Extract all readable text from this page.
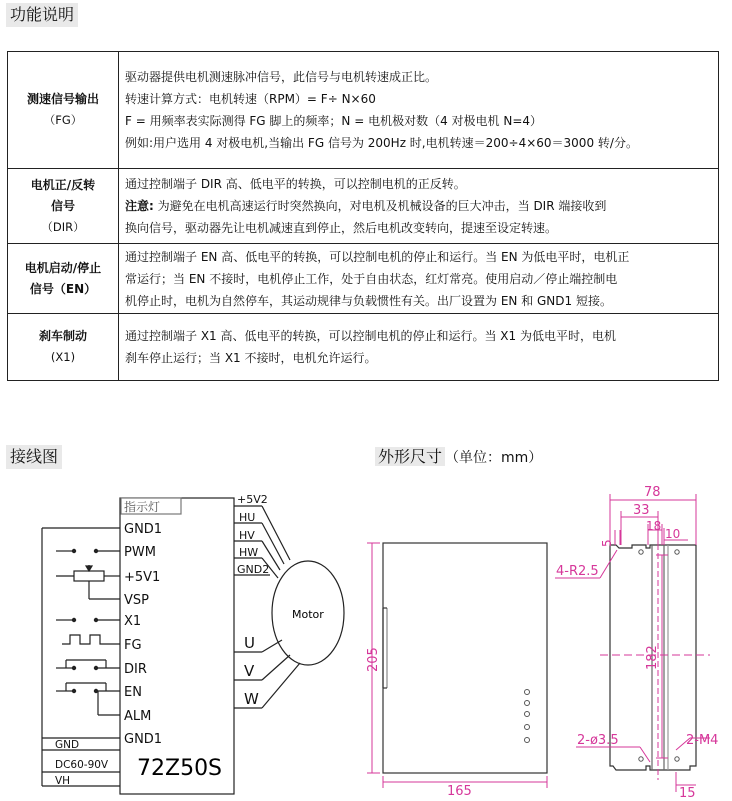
功能说明
测速信号输出
（FG）	驱动器提供电机测速脉冲信号，此信号与电机转速成正比。
转速计算方式：电机转速（RPM）= F÷ N×60
F = 用频率表实际测得 FG 脚上的频率；N = 电机极对数（4 对极电机 N=4）
例如:用户选用 4 对极电机,当输出 FG 信号为 200Hz 时,电机转速＝200÷4×60＝3000 转/分。

电机正/反转
信号
（DIR）	通过控制端子 DIR 高、低电平的转换，可以控制电机的正反转。
注意: 为避免在电机高速运行时突然换向，对电机及机械设备的巨大冲击，当 DIR 端接收到
换向信号，驱动器先让电机减速直到停止，然后电机改变转向，提速至设定转速。

电机启动/停止
信号（EN）	通过控制端子 EN 高、低电平的转换，可以控制电机的停止和运行。当 EN 为低电平时，电机正
常运行；当 EN 不接时，电机停止工作，处于自由状态，红灯常亮。使用启动／停止端控制电
机停止时，电机为自然停车，其运动规律与负载惯性有关。出厂设置为 EN 和 GND1 短接。

刹车制动
(X1)	通过控制端子 X1 高、低电平的转换，可以控制电机的停止和运行。当 X1 为低电平时，电机
刹车停止运行；当 X1 不接时，电机允许运行。
接线图	外形尺寸 （单位：mm）
指示灯
GND1
PWM
+5V1
VSP
X1
FG
DIR
EN
ALM
GND1
+5V2
HU
HV
HW
GND2
U
V
W
Motor
72Z50S
GND
DC60-90V
VH
205
165
78
33
18
10
5
4-R2.5
182
2-ø3.5	2-M4
15
